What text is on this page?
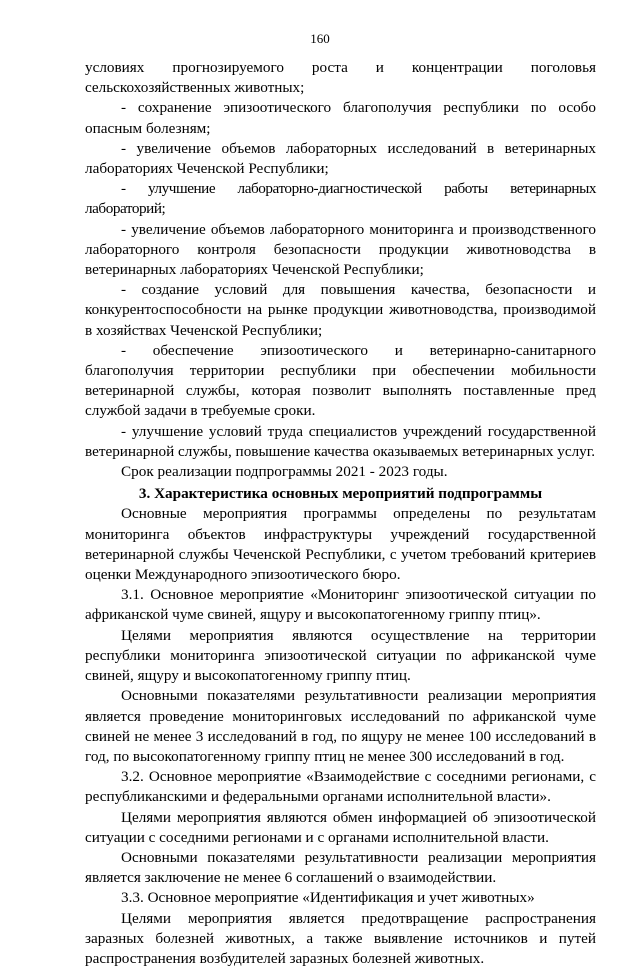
160

условиях прогнозируемого роста и концентрации поголовья сельскохозяйственных животных;

- сохранение эпизоотического благополучия республики по особо опасным болезням;

- увеличение объемов лабораторных исследований в ветеринарных лабораториях Чеченской Республики;

- улучшение лабораторно-диагностической работы ветеринарных лабораторий;

- увеличение объемов лабораторного мониторинга и производственного лабораторного контроля безопасности продукции животноводства в ветеринарных лабораториях Чеченской Республики;

- создание условий для повышения качества, безопасности и конкурентоспособности на рынке продукции животноводства, производимой в хозяйствах Чеченской Республики;

- обеспечение эпизоотического и ветеринарно-санитарного благополучия территории республики при обеспечении мобильности ветеринарной службы, которая позволит выполнять поставленные пред службой задачи в требуемые сроки.

- улучшение условий труда специалистов учреждений государственной ветеринарной службы, повышение качества оказываемых ветеринарных услуг.

Срок реализации подпрограммы 2021 - 2023 годы.

3. Характеристика основных мероприятий подпрограммы

Основные мероприятия программы определены по результатам мониторинга объектов инфраструктуры учреждений государственной ветеринарной службы Чеченской Республики, с учетом требований критериев оценки Международного эпизоотического бюро.

3.1. Основное мероприятие «Мониторинг эпизоотической ситуации по африканской чуме свиней, ящуру и высокопатогенному гриппу птиц».

Целями мероприятия являются осуществление на территории республики мониторинга эпизоотической ситуации по африканской чуме свиней, ящуру и высокопатогенному гриппу птиц.

Основными показателями результативности реализации мероприятия является проведение мониторинговых исследований по африканской чуме свиней не менее 3 исследований в год, по ящуру не менее 100 исследований в год, по высокопатогенному гриппу птиц не менее 300 исследований в год.

3.2. Основное мероприятие «Взаимодействие с соседними регионами, с республиканскими и федеральными органами исполнительной власти».

Целями мероприятия являются обмен информацией об эпизоотической ситуации с соседними регионами и с органами исполнительной власти.

Основными показателями результативности реализации мероприятия является заключение не менее 6 соглашений о взаимодействии.

3.3. Основное мероприятие «Идентификация и учет животных»

Целями мероприятия является предотвращение распространения заразных болезней животных, а также выявление источников и путей распространения возбудителей заразных болезней животных.
